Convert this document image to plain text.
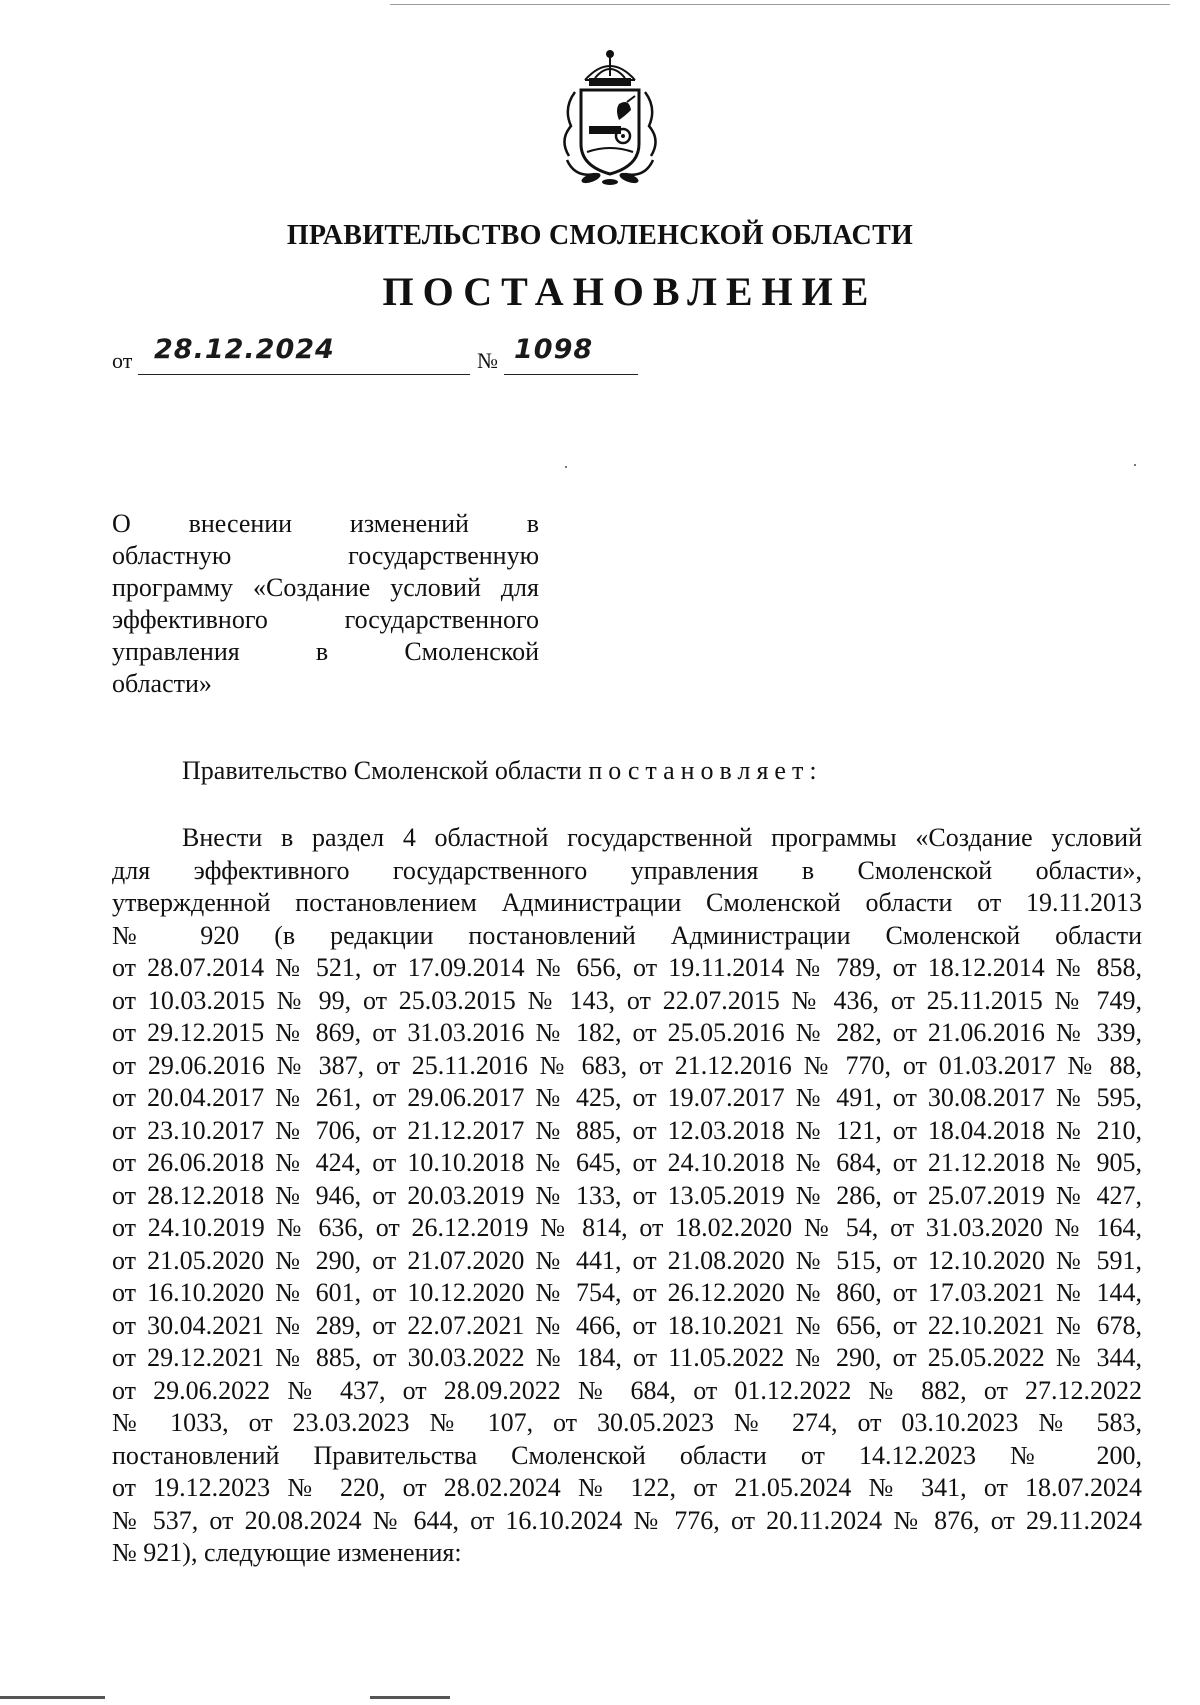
ПРАВИТЕЛЬСТВО СМОЛЕНСКОЙ ОБЛАСТИ
ПОСТАНОВЛЕНИЕ
от 28.12.2024	№ 1098
О внесении изменений в
областную государственную
программу «Создание условий для
эффективного государственного
управления в Смоленской
области»
Правительство Смоленской области постановляет:
Внести в раздел 4 областной государственной программы «Создание условий
для эффективного государственного управления в Смоленской области»,
утвержденной постановлением Администрации Смоленской области от 19.11.2013
№ 920 (в редакции постановлений Администрации Смоленской области
от 28.07.2014 № 521, от 17.09.2014 № 656, от 19.11.2014 № 789, от 18.12.2014 № 858,
от 10.03.2015 № 99, от 25.03.2015 № 143, от 22.07.2015 № 436, от 25.11.2015 № 749,
от 29.12.2015 № 869, от 31.03.2016 № 182, от 25.05.2016 № 282, от 21.06.2016 № 339,
от 29.06.2016 № 387, от 25.11.2016 № 683, от 21.12.2016 № 770, от 01.03.2017 № 88,
от 20.04.2017 № 261, от 29.06.2017 № 425, от 19.07.2017 № 491, от 30.08.2017 № 595,
от 23.10.2017 № 706, от 21.12.2017 № 885, от 12.03.2018 № 121, от 18.04.2018 № 210,
от 26.06.2018 № 424, от 10.10.2018 № 645, от 24.10.2018 № 684, от 21.12.2018 № 905,
от 28.12.2018 № 946, от 20.03.2019 № 133, от 13.05.2019 № 286, от 25.07.2019 № 427,
от 24.10.2019 № 636, от 26.12.2019 № 814, от 18.02.2020 № 54, от 31.03.2020 № 164,
от 21.05.2020 № 290, от 21.07.2020 № 441, от 21.08.2020 № 515, от 12.10.2020 № 591,
от 16.10.2020 № 601, от 10.12.2020 № 754, от 26.12.2020 № 860, от 17.03.2021 № 144,
от 30.04.2021 № 289, от 22.07.2021 № 466, от 18.10.2021 № 656, от 22.10.2021 № 678,
от 29.12.2021 № 885, от 30.03.2022 № 184, от 11.05.2022 № 290, от 25.05.2022 № 344,
от 29.06.2022 № 437, от 28.09.2022 № 684, от 01.12.2022 № 882, от 27.12.2022
№ 1033, от 23.03.2023 № 107, от 30.05.2023 № 274, от 03.10.2023 № 583,
постановлений Правительства Смоленской области от 14.12.2023 № 200,
от 19.12.2023 № 220, от 28.02.2024 № 122, от 21.05.2024 № 341, от 18.07.2024
№ 537, от 20.08.2024 № 644, от 16.10.2024 № 776, от 20.11.2024 № 876, от 29.11.2024
№ 921), следующие изменения:
